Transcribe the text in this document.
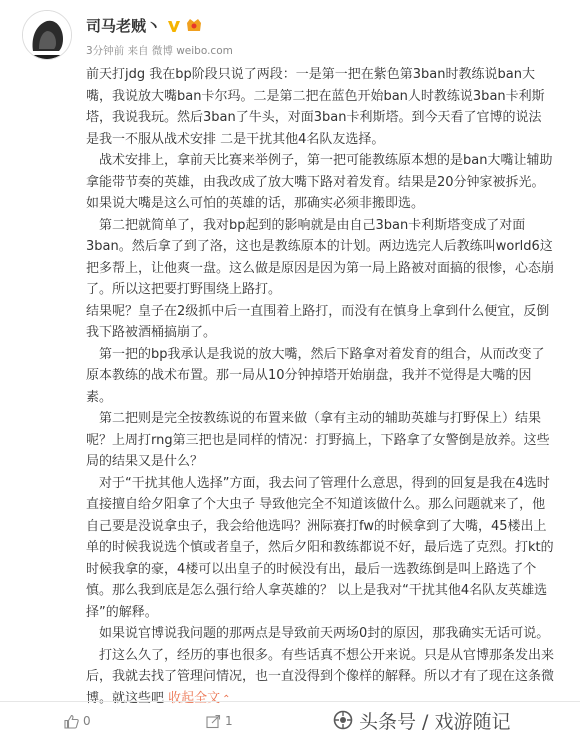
司马老贼丶
3分钟前 来自 微博 weibo.com

前天打jdg 我在bp阶段只说了两段：一是第一把在紫色第3ban时教练说ban大嘴，我说放大嘴ban卡尔玛。二是第二把在蓝色开始ban人时教练说3ban卡利斯塔，我说我玩。然后3ban了牛头，对面3ban卡利斯塔。到今天看了官博的说法是我一不服从战术安排 二是干扰其他4名队友选择。

战术安排上，拿前天比赛来举例子，第一把可能教练原本想的是ban大嘴让辅助拿能带节奏的英雄，由我改成了放大嘴下路对着发育。结果是20分钟家被拆光。如果说大嘴是这么可怕的英雄的话，那确实必须非搬即选。

第二把就简单了，我对bp起到的影响就是由自己3ban卡利斯塔变成了对面3ban。然后拿了到了洛，这也是教练原本的计划。两边选完人后教练叫world6这把多帮上，让他爽一盘。这么做是原因是因为第一局上路被对面搞的很惨，心态崩了。所以这把要打野围绕上路打。

结果呢？皇子在2级抓中后一直围着上路打，而没有在慎身上拿到什么便宜，反倒我下路被酒桶搞崩了。

第一把的bp我承认是我说的放大嘴，然后下路拿对着发育的组合，从而改变了原本教练的战术布置。那一局从10分钟掉塔开始崩盘，我并不觉得是大嘴的因素。

第二把则是完全按教练说的布置来做（拿有主动的辅助英雄与打野保上）结果呢？上周打rng第三把也是同样的情况：打野搞上，下路拿了女警倒是放养。这些局的结果又是什么？

对于“干扰其他人选择”方面，我去问了管理什么意思，得到的回复是我在4选时直接擅自给夕阳拿了个大虫子 导致他完全不知道该做什么。那么问题就来了，他自己要是没说拿虫子，我会给他选吗？洲际赛打fw的时候拿到了大嘴，45楼出上单的时候我说选个慎或者皇子，然后夕阳和教练都说不好，最后选了克烈。打kt的时候我拿的豪，4楼可以出皇子的时候没有出，最后一选教练倒是叫上路选了个慎。那么我到底是怎么强行给人拿英雄的？ 以上是我对“干扰其他4名队友英雄选择”的解释。

如果说官博说我问题的那两点是导致前天两场0封的原因，那我确实无话可说。

打这么久了，经历的事也很多。有些话真不想公开来说。只是从官博那条发出来后，我就去找了管理问情况，也一直没得到个像样的解释。所以才有了现在这条微博。就这些吧 收起全文 ⌃

0	1	头条号 / 戏游随记
